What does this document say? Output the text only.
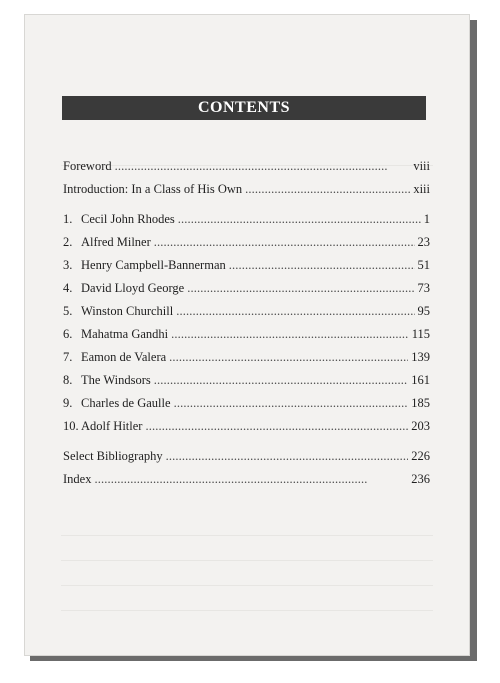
CONTENTS
Foreword . . .	viii
Introduction: In a Class of His Own . . .	xiii
1. Cecil John Rhodes . . .	1
2. Alfred Milner . . .	23
3. Henry Campbell-Bannerman . . .	51
4. David Lloyd George . . .	73
5. Winston Churchill . . .	95
6. Mahatma Gandhi . . .	115
7. Eamon de Valera . . .	139
8. The Windsors . . .	161
9. Charles de Gaulle . . .	185
10. Adolf Hitler . . .	203
Select Bibliography . . .	226
Index . . .	236
